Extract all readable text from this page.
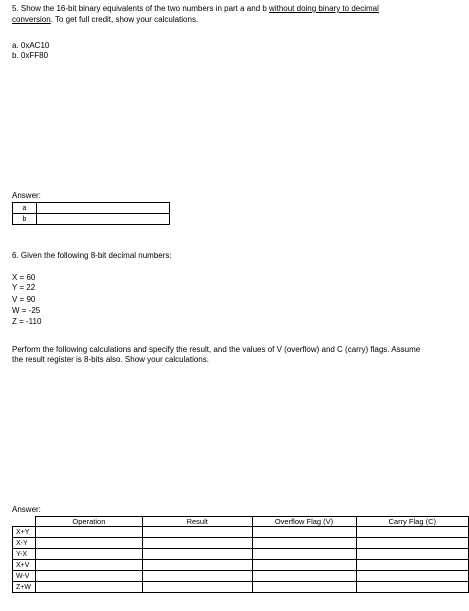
5. Show the 16-bit binary equivalents of the two numbers in part a and b without doing binary to decimal
conversion. To get full credit, show your calculations.
a. 0xAC10
b. 0xFF80
Answer:
a	
b	
6. Given the following 8-bit decimal numbers:
X = 60
Y = 22
V = 90
W = -25
Z = -110
Perform the following calculations and specify the result, and the values of V (overflow) and C (carry) flags. Assume
the result register is 8-bits also. Show your calculations.
Answer:
	Operation	Result	Overflow Flag (V)	Carry Flag (C)
X+Y				
X-Y				
Y-X				
X+V				
W-V				
Z+W				
